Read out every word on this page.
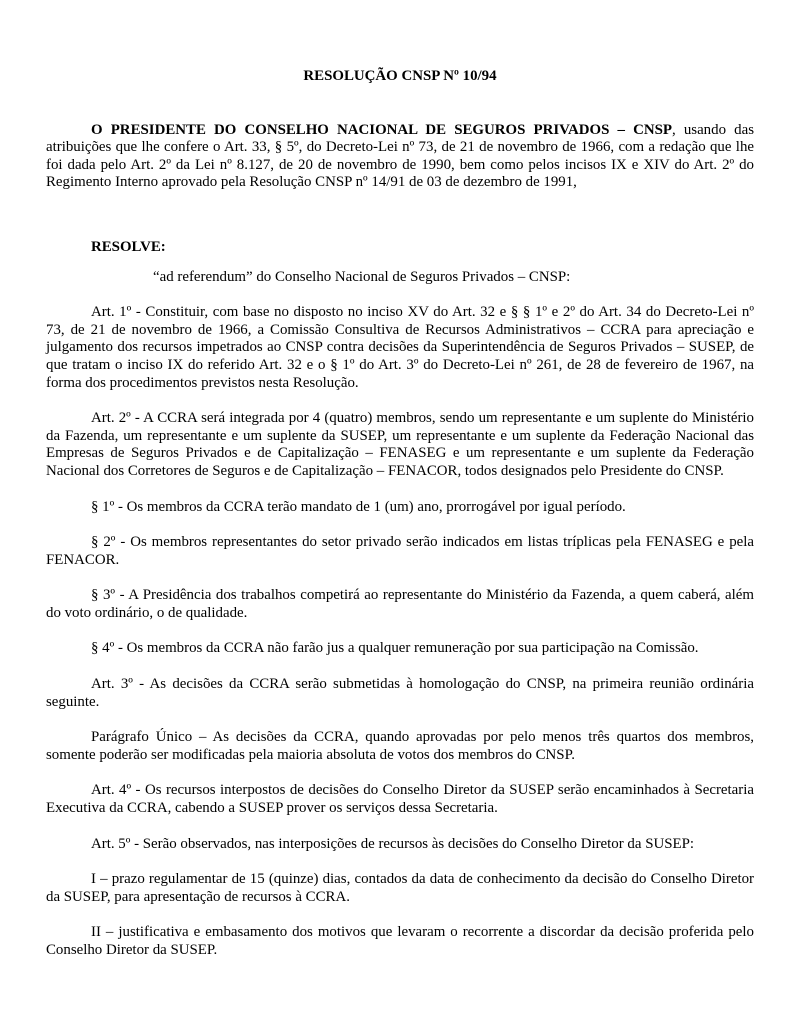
RESOLUÇÃO CNSP Nº 10/94

O PRESIDENTE DO CONSELHO NACIONAL DE SEGUROS PRIVADOS – CNSP, usando das atribuições que lhe confere o Art. 33, § 5º, do Decreto-Lei nº 73, de 21 de novembro de 1966, com a redação que lhe foi dada pelo Art. 2º da Lei nº 8.127, de 20 de novembro de 1990, bem como pelos incisos IX e XIV do Art. 2º do Regimento Interno aprovado pela Resolução CNSP nº 14/91 de 03 de dezembro de 1991,

RESOLVE:

“ad referendum” do Conselho Nacional de Seguros Privados – CNSP:

Art. 1º - Constituir, com base no disposto no inciso XV do Art. 32 e § § 1º e 2º do Art. 34 do Decreto-Lei nº 73, de 21 de novembro de 1966, a Comissão Consultiva de Recursos Administrativos – CCRA para apreciação e julgamento dos recursos impetrados ao CNSP contra decisões da Superintendência de Seguros Privados – SUSEP, de que tratam o inciso IX do referido Art. 32 e o § 1º do Art. 3º do Decreto-Lei nº 261, de 28 de fevereiro de 1967, na forma dos procedimentos previstos nesta Resolução.

Art. 2º - A CCRA será integrada por 4 (quatro) membros, sendo um representante e um suplente do Ministério da Fazenda, um representante e um suplente da SUSEP, um representante e um suplente da Federação Nacional das Empresas de Seguros Privados e de Capitalização – FENASEG e um representante e um suplente da Federação Nacional dos Corretores de Seguros e de Capitalização – FENACOR, todos designados pelo Presidente do CNSP.

§ 1º - Os membros da CCRA terão mandato de 1 (um) ano, prorrogável por igual período.

§ 2º - Os membros representantes do setor privado serão indicados em listas tríplicas pela FENASEG e pela FENACOR.

§ 3º - A Presidência dos trabalhos competirá ao representante do Ministério da Fazenda, a quem caberá, além do voto ordinário, o de qualidade.

§ 4º - Os membros da CCRA não farão jus a qualquer remuneração por sua participação na Comissão.

Art. 3º - As decisões da CCRA serão submetidas à homologação do CNSP, na primeira reunião ordinária seguinte.

Parágrafo Único – As decisões da CCRA, quando aprovadas por pelo menos três quartos dos membros, somente poderão ser modificadas pela maioria absoluta de votos dos membros do CNSP.

Art. 4º - Os recursos interpostos de decisões do Conselho Diretor da SUSEP serão encaminhados à Secretaria Executiva da CCRA, cabendo a SUSEP prover os serviços dessa Secretaria.

Art. 5º - Serão observados, nas interposições de recursos às decisões do Conselho Diretor da SUSEP:

I – prazo regulamentar de 15 (quinze) dias, contados da data de conhecimento da decisão do Conselho Diretor da SUSEP, para apresentação de recursos à CCRA.

II – justificativa e embasamento dos motivos que levaram o recorrente a discordar da decisão proferida pelo Conselho Diretor da SUSEP.
